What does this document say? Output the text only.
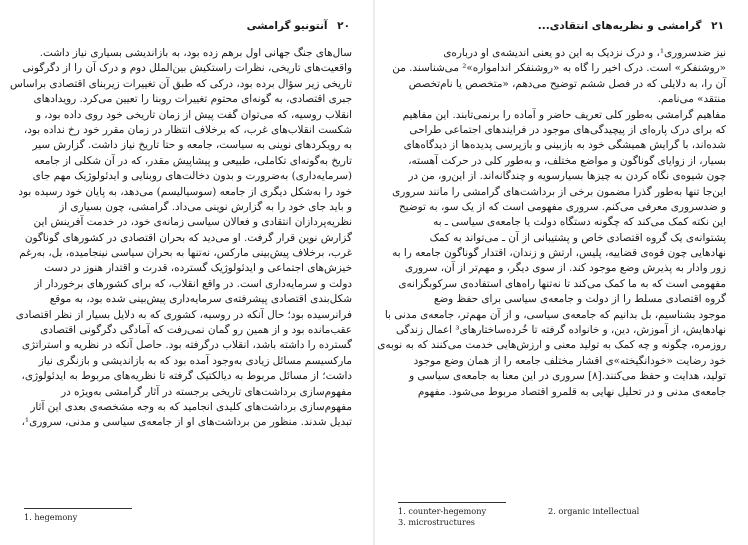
۲۰ آنتونیو گرامشی
سال‌های جنگ جهانی اول برهم زده بود، به بازاندیشی بسیاری نیاز داشت.
واقعیت‌های تاریخی، نظرات راستکیش بین‌الملل دوم و درک آن را از دگرگونی
تاریخی زیر سؤال برده بود، درکی که طبق آن تغییرات زیربنای اقتصادی براساس
جبری اقتصادی، به گونه‌ای محتوم تغییرات روبنا را تعیین می‌کرد. رویدادهای
انقلاب روسیه، که می‌توان گفت پیش از زمان تاریخی خود روی داده بود، و
شکست انقلاب‌های غرب، که برخلاف انتظار در زمان مقرر خود رخ نداده بود،
به رویکردهای نوینی به سیاست، جامعه و حتا تاریخ نیاز داشت. گزارش سیر
تاریخ به‌گونه‌ای تکاملی، طبیعی و پیشاپیش مقدر، که در آن شکلی از جامعه
(سرمایه‌داری) به‌ضرورت و بدون دخالت‌های روبنایی و ایدئولوژیک مهم جای
خود را به‌شکل دیگری از جامعه (سوسیالیسم) می‌دهد، به پایان خود رسیده بود
و باید جای خود را به گزارش نوینی می‌داد. گرامشی، چون بسیاری از
نظریه‌پردازان انتقادی و فعالان سیاسی زمانه‌ی خود، در خدمت آفرینش این
گزارش نوین قرار گرفت. او می‌دید که بحران اقتصادی در کشورهای گوناگون
غرب، برخلاف پیش‌بینی مارکس، نه‌تنها به بحران سیاسی نینجامیده، بل، به‌رغم
خیزش‌های اجتماعی و ایدئولوژیک گسترده، قدرت و اقتدار هنوز در دست
دولت و سرمایه‌داری است. در واقع انقلاب، که برای کشورهای برخوردار از
شکل‌بندی اقتصادی پیشرفته‌ی سرمایه‌داری پیش‌بینی شده بود، به موقع
فرانرسیده بود؛ حال آنکه در روسیه، کشوری که به دلایل بسیار از نظر اقتصادی
عقب‌مانده بود و از همین رو گمان نمی‌رفت که آمادگی دگرگونی اقتصادی
گسترده را داشته باشد، انقلاب درگرفته بود. حاصل آنکه در نظریه و استراتژی
مارکسیسم مسائل زیادی به‌وجود آمده بود که به بازاندیشی و بازنگری نیاز
داشت؛ از مسائل مربوط به دیالکتیک گرفته تا نظریه‌های مربوط به ایدئولوژی،
مفهوم‌سازی برداشت‌های تاریخی برجسته در آثار گرامشی به‌ویژه در
مفهوم‌سازی برداشت‌های کلیدی انجامید که به وجه مشخصه‌ی بعدی این آثار
تبدیل شدند. منظور من برداشت‌های او از جامعه‌ی سیاسی و مدنی، سروری¹،
1. hegemony
۲۱ گرامشی و نظریه‌های انتقادی...
نیز ضدسروری¹، و درک نزدیک به این دو یعنی اندیشه‌ی او درباره‌ی
«روشنفکر» است. درک اخیر را گاه به «روشنفکر اندامواره»² می‌شناسند. من
آن را، به دلایلی که در فصل ششم توضیح می‌دهم، «متخصص یا نام‌تخصص
منتقد» می‌نامم.
مفاهیم گرامشی به‌طور کلی تعریف حاضر و آماده را برنمی‌تابند. این مفاهیم
که برای درک پاره‌ای از پیچیدگی‌های موجود در فرایندهای اجتماعی طراحی
شده‌اند، با گرایش همیشگی خود به بازبینی و بازپرسی پدیده‌ها از دیدگاه‌های
بسیار، از زوایای گوناگون و مواضع مختلف، و به‌طور کلی در حرکت آهسته،
چون شیوه‌ی نگاه کردن به چیزها بسیارسویه و چندگانه‌اند. از این‌رو، من در
این‌جا تنها به‌طور گذرا مضمون برخی از برداشت‌های گرامشی را مانند سروری
و ضدسروری معرفی می‌کنم. سروری مفهومی است که از یک سو، به توضیح
این نکته کمک می‌کند که چگونه دستگاه دولت یا جامعه‌ی سیاسی ـ به
پشتوانه‌ی یک گروه اقتصادی خاص و پشتیبانی از آن ـ می‌تواند به کمک
نهادهایی چون قوه‌ی قضاییه، پلیس، ارتش و زندان، اقتدار گوناگون جامعه را به
زور وادار به پذیرش وضع موجود کند. از سوی دیگر، و مهم‌تر از آن، سروری
مفهومی است که به ما کمک می‌کند تا نه‌تنها راه‌های استفاده‌ی سرکوبگرانه‌ی
گروه اقتصادی مسلط را از دولت و جامعه‌ی سیاسی برای حفظ وضع
موجود بشناسیم، بل بدانیم که جامعه‌ی سیاسی، و از آن مهم‌تر، جامعه‌ی مدنی با
نهادهایش، از آموزش، دین، و خانواده گرفته تا خُرده‌ساختارهای³ اعمال زندگی
روزمره، چگونه و چه کمک به تولید معنی و ارزش‌هایی خدمت می‌کنند که به نوبه‌ی
خود رضایت «خودانگیخته»ی اقشار مختلف جامعه را از همان وضع موجود
تولید، هدایت و حفظ می‌کنند.[۸] سروری در این معنا به جامعه‌ی سیاسی و
جامعه‌ی مدنی و در تحلیل نهایی به قلمرو اقتصاد مربوط می‌شود. مفهوم
1. counter-hegemony	2. organic intellectual
3. microstructures
